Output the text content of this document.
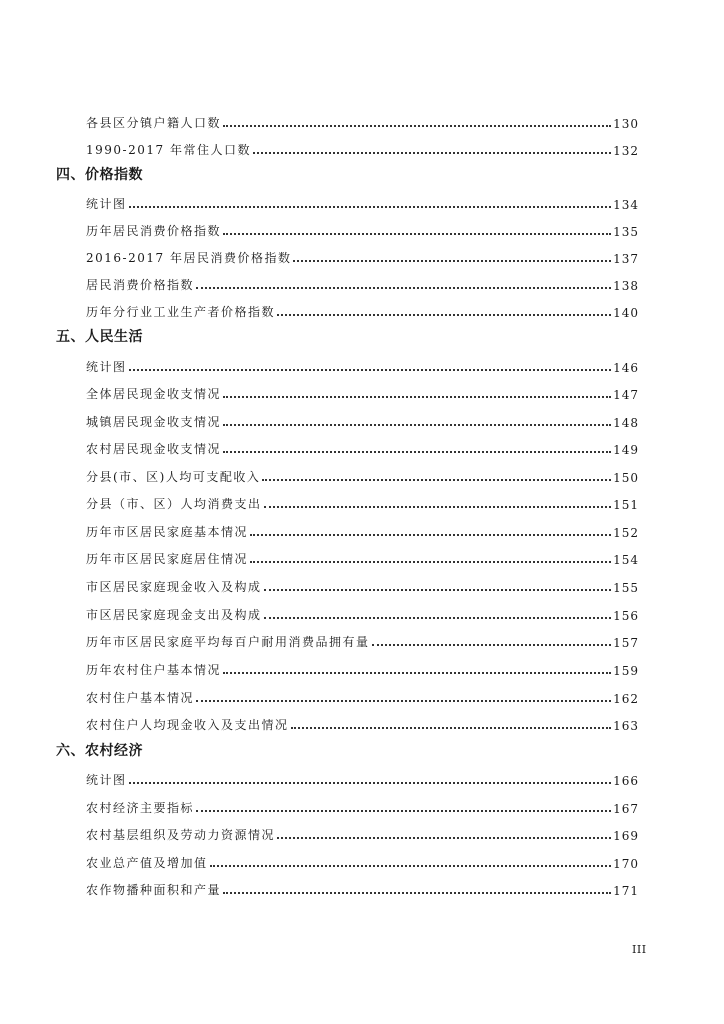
各县区分镇户籍人口数	130
1990-2017 年常住人口数	132
四、价格指数
统计图	134
历年居民消费价格指数	135
2016-2017 年居民消费价格指数	137
居民消费价格指数	138
历年分行业工业生产者价格指数	140
五、人民生活
统计图	146
全体居民现金收支情况	147
城镇居民现金收支情况	148
农村居民现金收支情况	149
分县(市、区)人均可支配收入	150
分县（市、区）人均消费支出	151
历年市区居民家庭基本情况	152
历年市区居民家庭居住情况	154
市区居民家庭现金收入及构成	155
市区居民家庭现金支出及构成	156
历年市区居民家庭平均每百户耐用消费品拥有量	157
历年农村住户基本情况	159
农村住户基本情况	162
农村住户人均现金收入及支出情况	163
六、农村经济
统计图	166
农村经济主要指标	167
农村基层组织及劳动力资源情况	169
农业总产值及增加值	170
农作物播种面积和产量	171
III
